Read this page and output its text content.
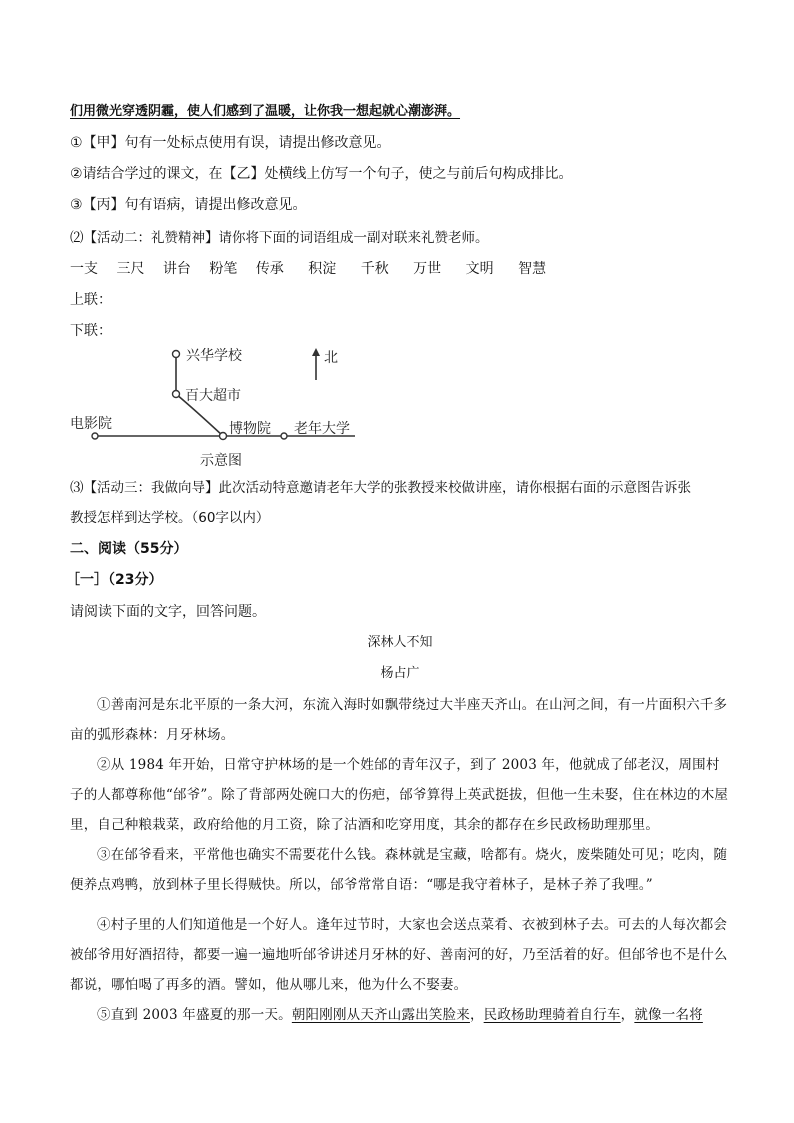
们用微光穿透阴霾，使人们感到了温暖，让你我一想起就心潮澎湃。
①【甲】句有一处标点使用有误，请提出修改意见。
②请结合学过的课文，在【乙】处横线上仿写一个句子，使之与前后句构成排比。
③【丙】句有语病，请提出修改意见。
⑵【活动二：礼赞精神】请你将下面的词语组成一副对联来礼赞老师。
一支 三尺 讲台 粉笔 传承 积淀 千秋 万世 文明 智慧
上联：
下联：
兴华学校
百大超市
电影院	博物院 老年大学
北
示意图
⑶【活动三：我做向导】此次活动特意邀请老年大学的张教授来校做讲座，请你根据右面的示意图告诉张
教授怎样到达学校。（60字以内）
二、阅读（55分）
［一］（23分）
请阅读下面的文字，回答问题。
深林人不知
杨占广
①善南河是东北平原的一条大河，东流入海时如飘带绕过大半座天齐山。在山河之间，有一片面积六千多亩的弧形森林：月牙林场。
②从 1984 年开始，日常守护林场的是一个姓邰的青年汉子，到了 2003 年，他就成了邰老汉，周围村子的人都尊称他“邰爷”。除了背部两处碗口大的伤疤，邰爷算得上英武挺拔，但他一生未娶，住在林边的木屋里，自己种粮栽菜，政府给他的月工资，除了沽酒和吃穿用度，其余的都存在乡民政杨助理那里。
③在邰爷看来，平常他也确实不需要花什么钱。森林就是宝藏，啥都有。烧火，废柴随处可见；吃肉，随便养点鸡鸭，放到林子里长得贼快。所以，邰爷常常自语：“哪是我守着林子，是林子养了我哩。”
④村子里的人们知道他是一个好人。逢年过节时，大家也会送点菜肴、衣被到林子去。可去的人每次都会被邰爷用好酒招待，都要一遍一遍地听邰爷讲述月牙林的好、善南河的好，乃至活着的好。但邰爷也不是什么都说，哪怕喝了再多的酒。譬如，他从哪儿来，他为什么不娶妻。
⑤直到 2003 年盛夏的那一天。朝阳刚刚从天齐山露出笑脸来，民政杨助理骑着自行车，就像一名将
